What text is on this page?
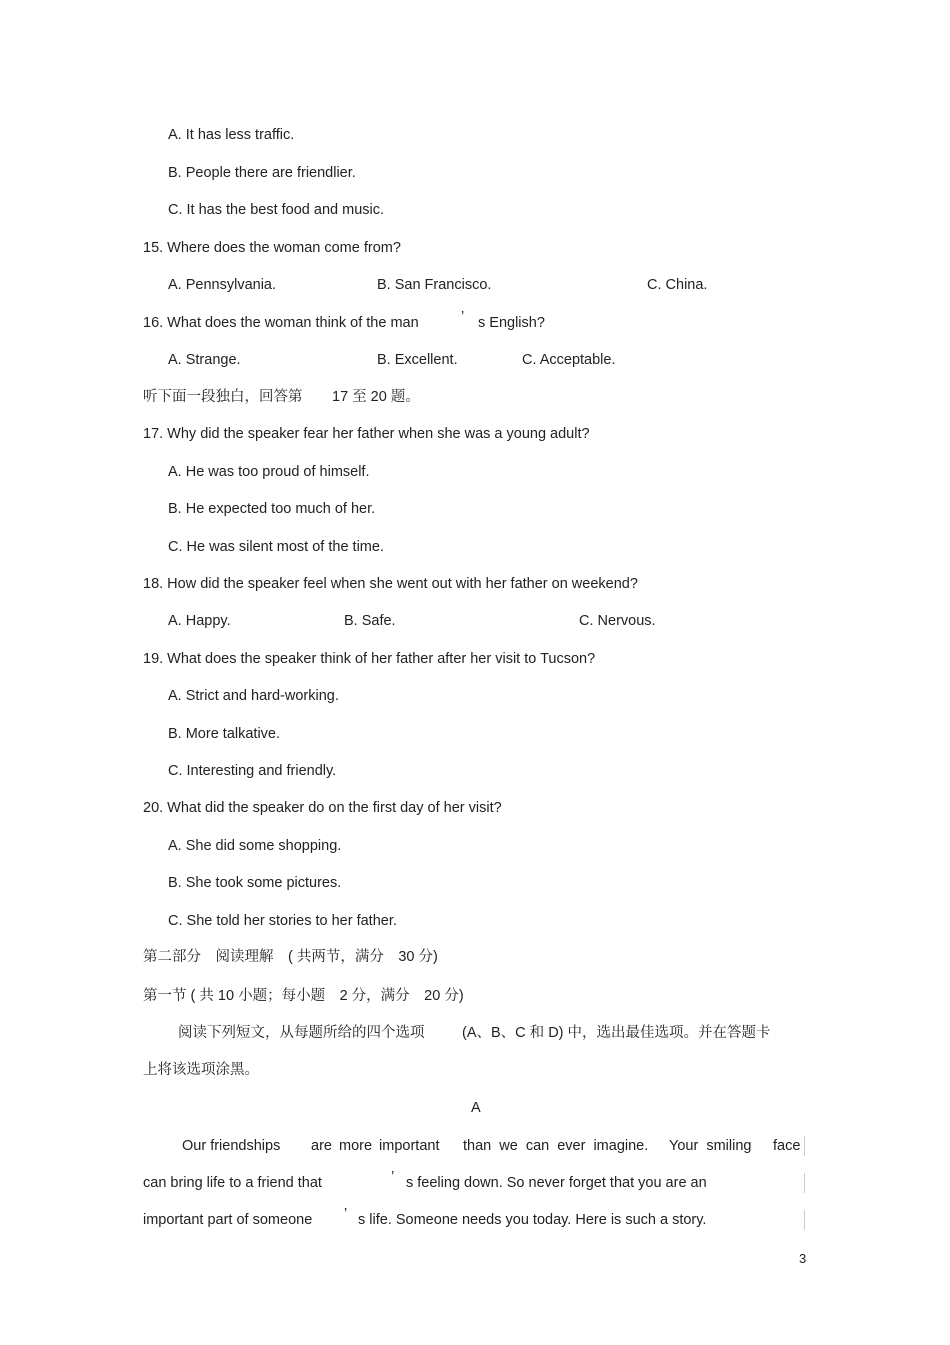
A. It has less traffic.
B. People there are friendlier.
C. It has the best food and music.
15. Where does the woman come from?
A. Pennsylvania.	B. San Francisco.	C. China.
16. What does the woman think of the man	’ s English?
A. Strange.	B. Excellent.	C. Acceptable.
听下面一段独白，回答第 17 至 20 题。
17. Why did the speaker fear her father when she was a young adult?
A. He was too proud of himself.
B. He expected too much of her.
C. He was silent most of the time.
18. How did the speaker feel when she went out with her father on weekend?
A. Happy.	B. Safe.	C. Nervous.
19. What does the speaker think of her father after her visit to Tucson?
A. Strict and hard-working.
B. More talkative.
C. Interesting and friendly.
20. What did the speaker do on the first day of her visit?
A. She did some shopping.
B. She took some pictures.
C. She told her stories to her father.
第二部分　阅读理解　( 共两节，满分　30 分)
第一节 ( 共 10 小题；每小题　2 分，满分　20 分)
阅读下列短文，从每题所给的四个选项	(A、B、C 和 D) 中，选出最佳选项。并在答题卡
上将该选项涂黑。
A
Our friendships are more important than we can ever imagine. Your smiling face
can bring life to a friend that	’ s feeling down. So never forget that you are an
important part of someone ’ s life. Someone needs you today. Here is such a story.
3
